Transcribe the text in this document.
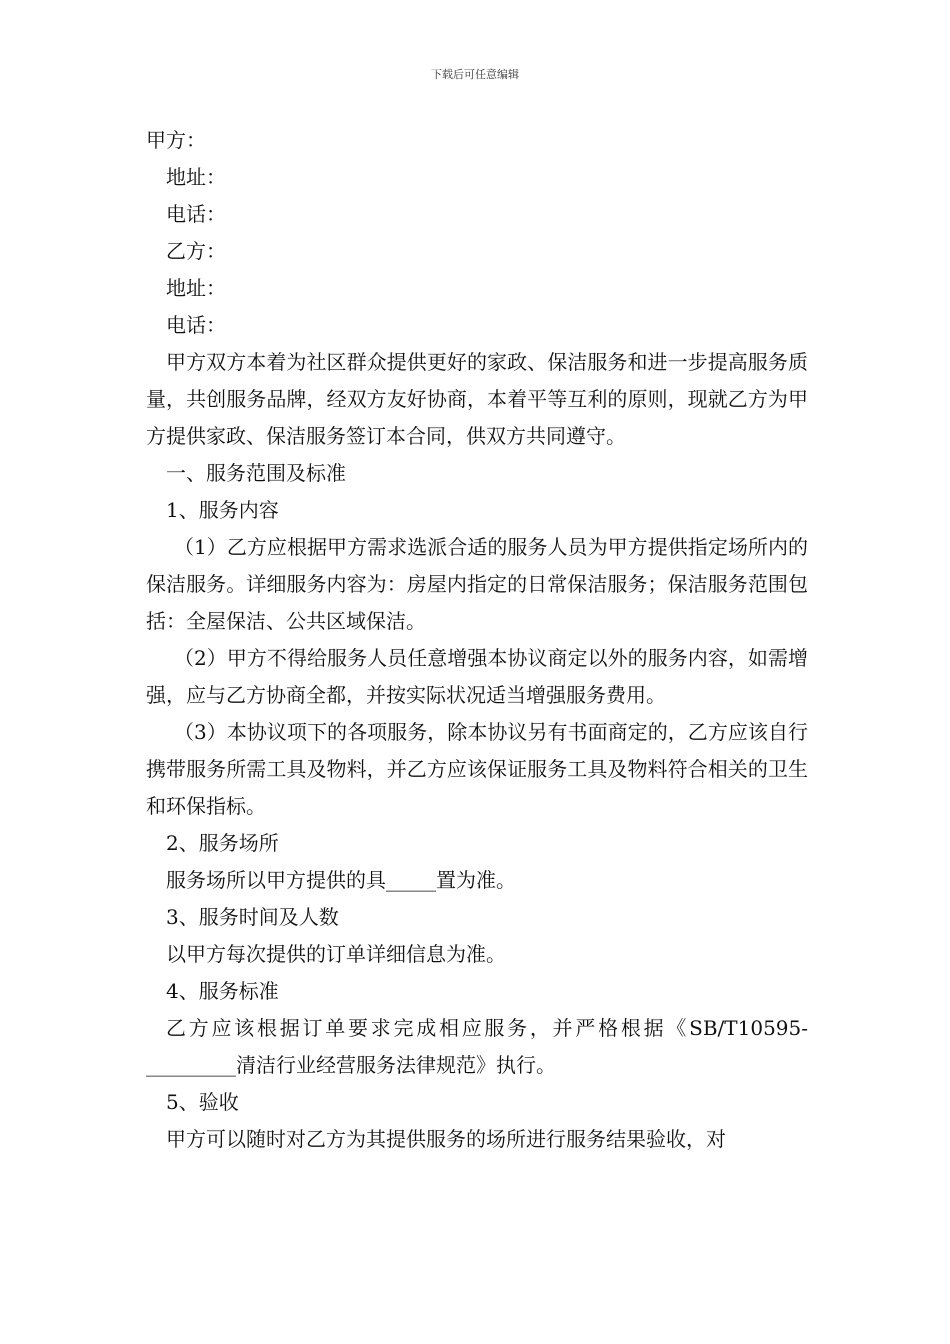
下载后可任意编辑

甲方：

地址：

电话：

乙方：

地址：

电话：

甲方双方本着为社区群众提供更好的家政、保洁服务和进一步提高服务质量，共创服务品牌，经双方友好协商，本着平等互利的原则，现就乙方为甲方提供家政、保洁服务签订本合同，供双方共同遵守。

一、服务范围及标准

1、服务内容

（1）乙方应根据甲方需求选派合适的服务人员为甲方提供指定场所内的保洁服务。详细服务内容为：房屋内指定的日常保洁服务；保洁服务范围包括：全屋保洁、公共区域保洁。

（2）甲方不得给服务人员任意增强本协议商定以外的服务内容，如需增强，应与乙方协商全都，并按实际状况适当增强服务费用。

（3）本协议项下的各项服务，除本协议另有书面商定的，乙方应该自行携带服务所需工具及物料，并乙方应该保证服务工具及物料符合相关的卫生和环保指标。

2、服务场所

服务场所以甲方提供的具_____置为准。

3、服务时间及人数

以甲方每次提供的订单详细信息为准。

4、服务标准

乙方应该根据订单要求完成相应服务，并严格根据《SB/T10595-_________清洁行业经营服务法律规范》执行。

5、验收

甲方可以随时对乙方为其提供服务的场所进行服务结果验收，对
